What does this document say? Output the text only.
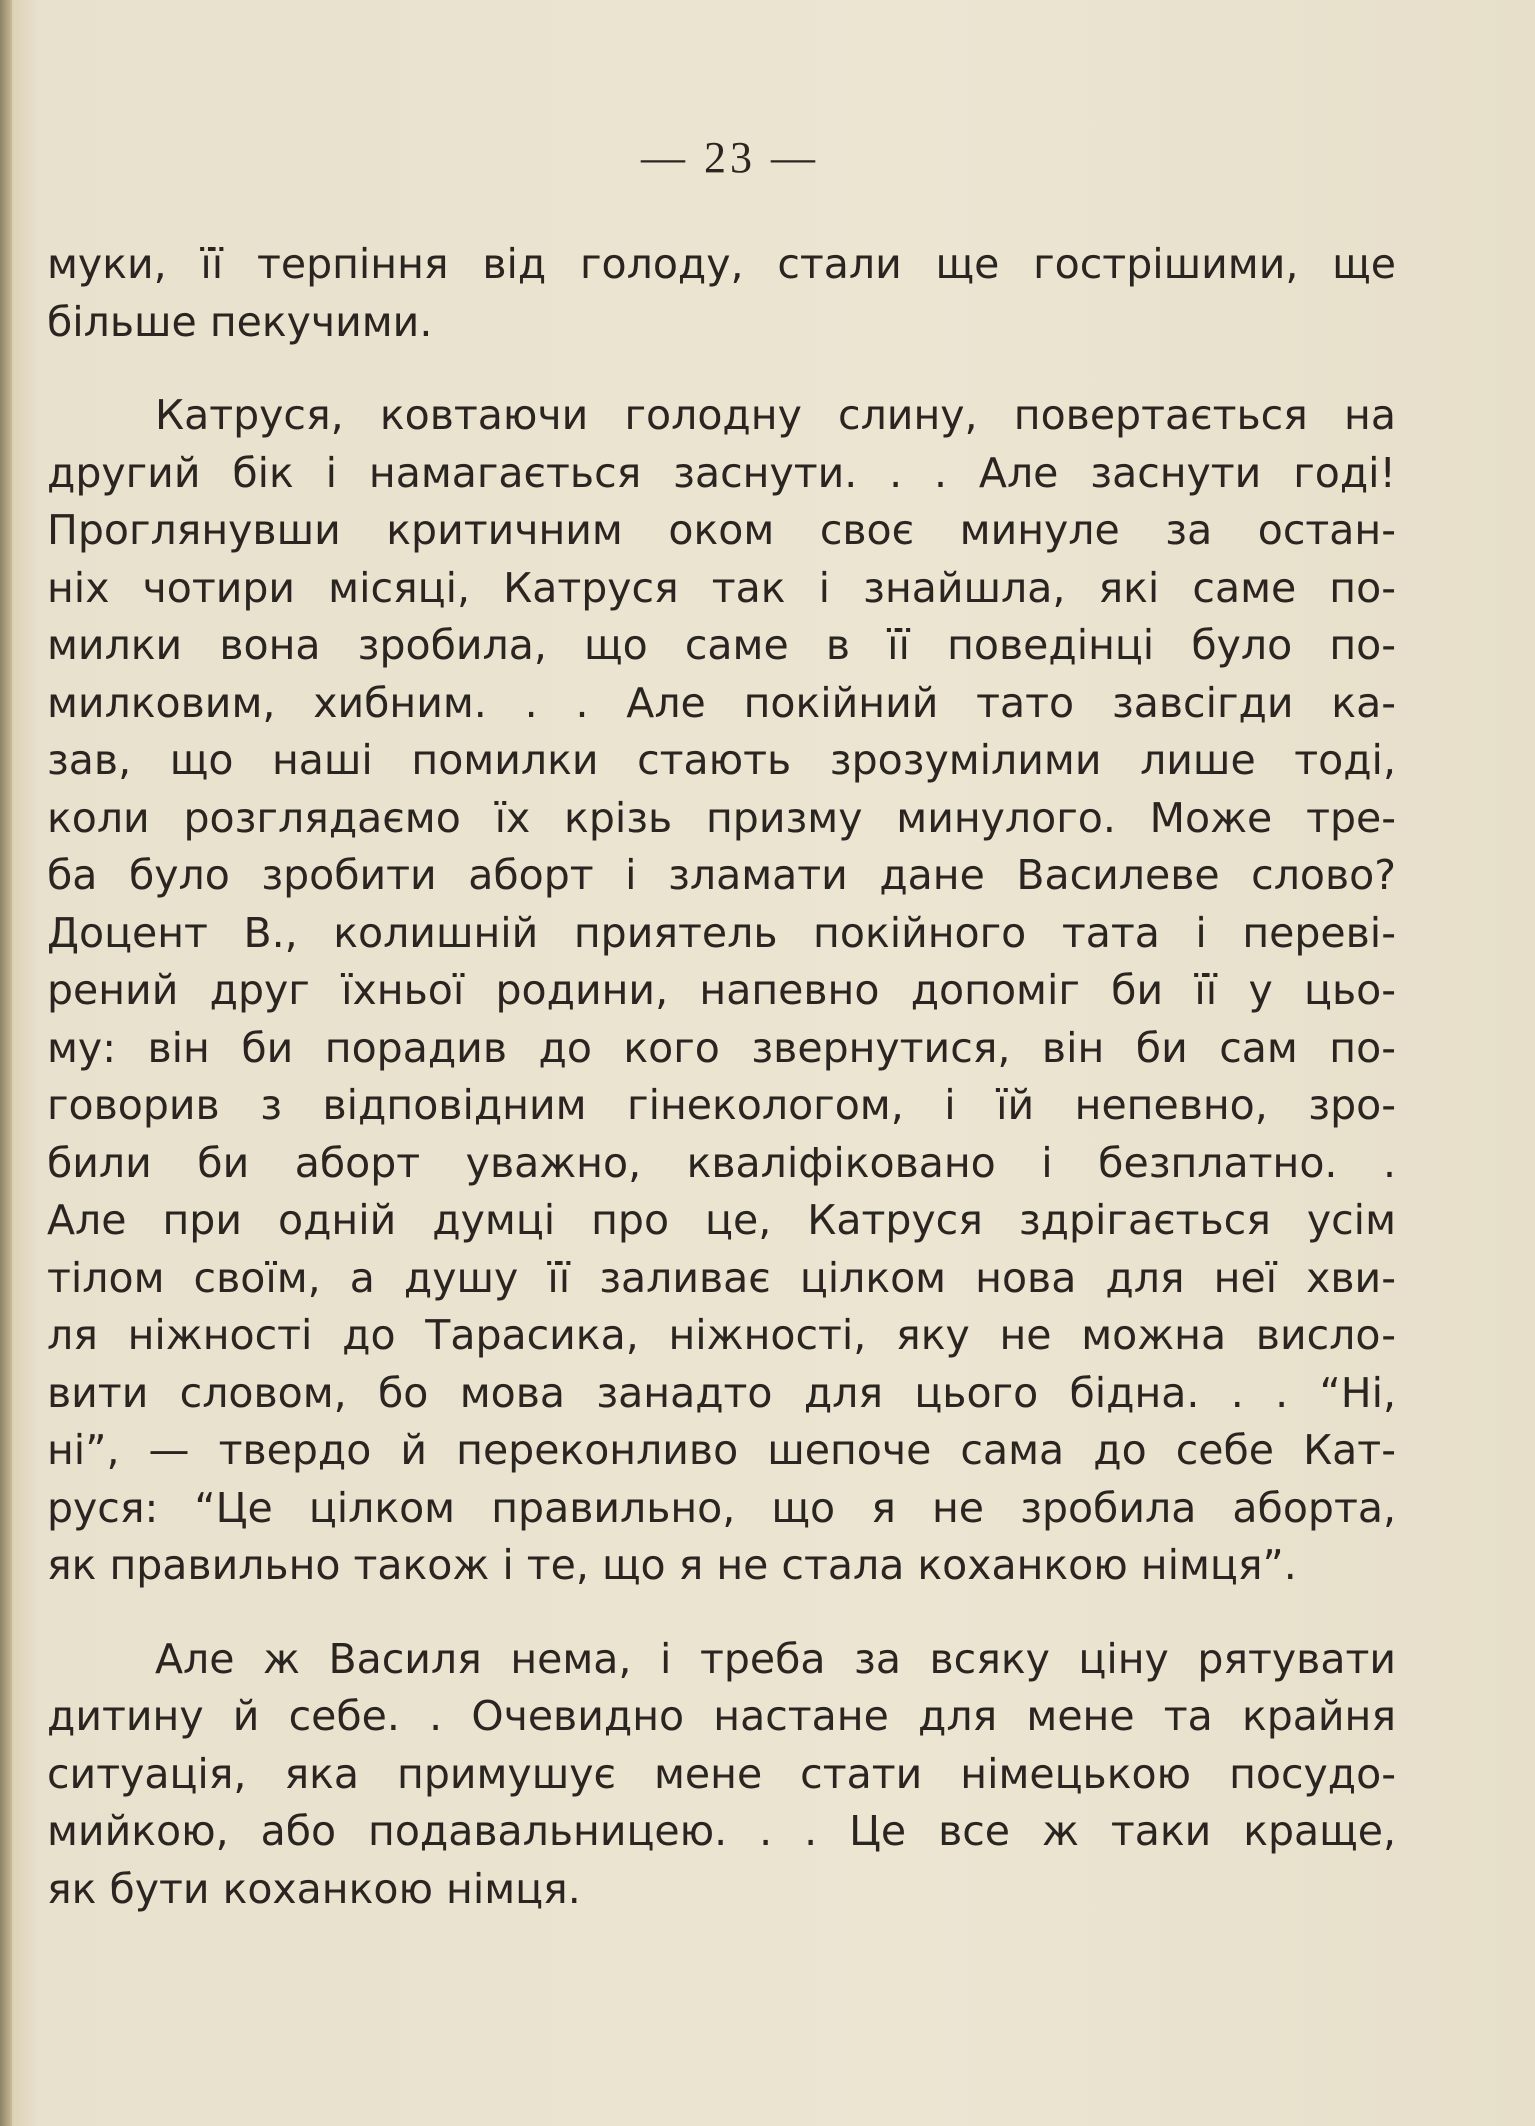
— 23 —

муки, її терпіння від голоду, стали ще гострішими, ще
більше пекучими.

Катруся, ковтаючи голодну слину, повертається на
другий бік і намагається заснути. . . Але заснути годі!
Проглянувши критичним оком своє минуле за остан-
ніх чотири місяці, Катруся так і знайшла, які саме по-
милки вона зробила, що саме в її поведінці було по-
милковим, хибним. . . Але покійний тато завсігди ка-
зав, що наші помилки стають зрозумілими лише тоді,
коли розглядаємо їх крізь призму минулого. Може тре-
ба було зробити аборт і зламати дане Василеве слово?
Доцент В., колишній приятель покійного тата і переві-
рений друг їхньої родини, напевно допоміг би її у цьо-
му: він би порадив до кого звернутися, він би сам по-
говорив з відповідним гінекологом, і їй непевно, зро-
били би аборт уважно, кваліфіковано і безплатно. .
Але при одній думці про це, Катруся здрігається усім
тілом своїм, а душу її заливає цілком нова для неї хви-
ля ніжності до Тарасика, ніжності, яку не можна вислo-
вити словом, бо мова занадто для цього бідна. . . “Ні,
ні”, — твердо й переконливо шепоче сама до себе Кат-
руся: “Це цілком правильно, що я не зробила аборта,
як правильно також і те, що я не стала коханкою німця”.

Але ж Василя нема, і треба за всяку ціну рятувати
дитину й себе. . Очевидно настане для мене та крайня
ситуація, яка примушує мене стати німецькою посудо-
мийкою, або подавальницею. . . Це все ж таки краще,
як бути коханкою німця.
